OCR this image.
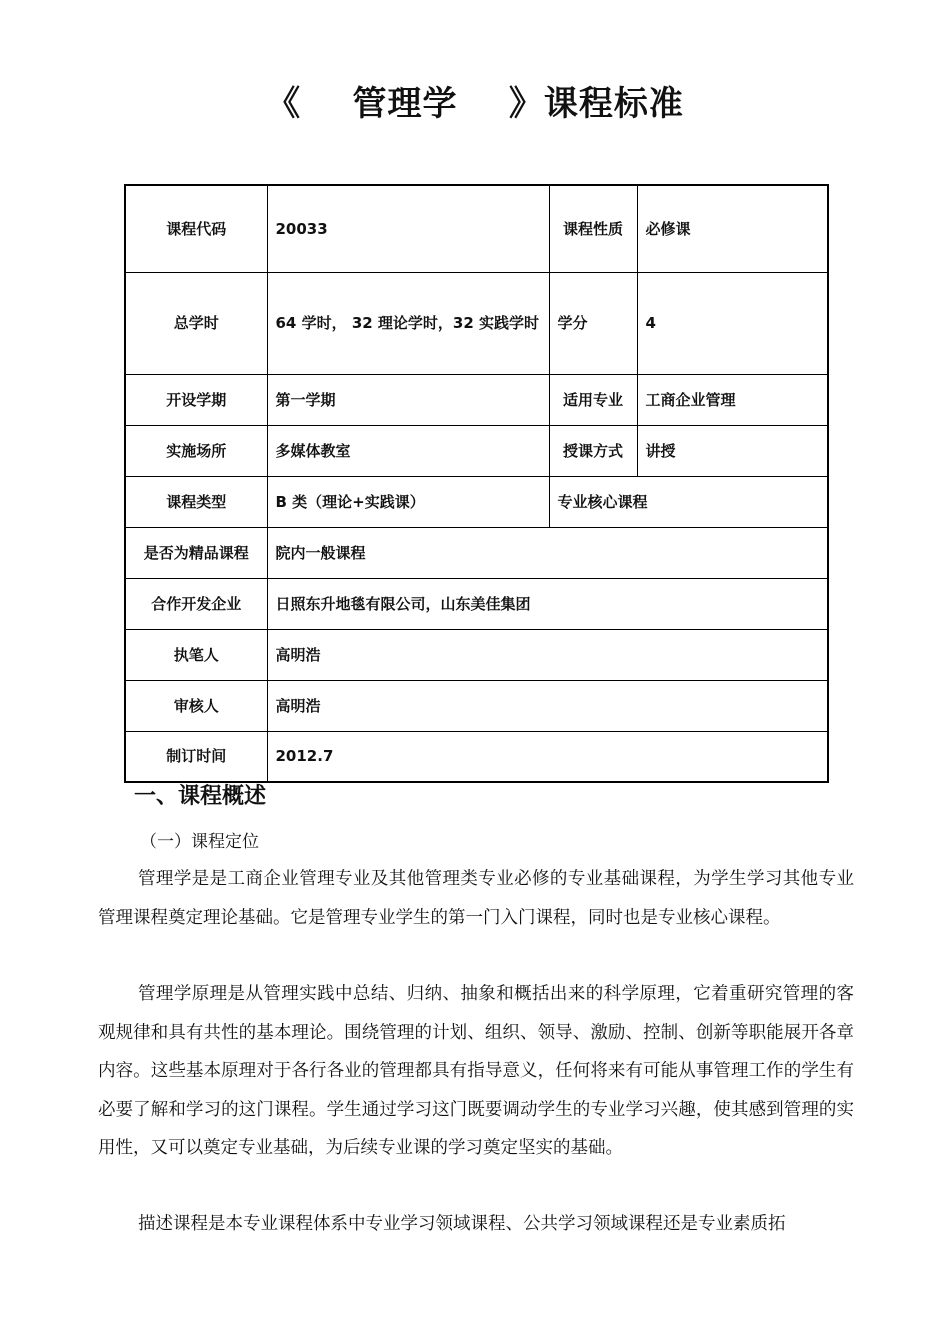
《 管理学 》课程标准
课程代码	20033	课程性质	必修课
总学时	64 学时， 32 理论学时，32 实践学时	学分	4
开设学期	第一学期	适用专业	工商企业管理
实施场所	多媒体教室	授课方式	讲授
课程类型	B 类（理论+实践课）	专业核心课程	
是否为精品课程	院内一般课程		
合作开发企业	日照东升地毯有限公司，山东美佳集团		
执笔人	高明浩		
审核人	高明浩		
制订时间	2012.7		
一、课程概述
（一）课程定位
管理学是是工商企业管理专业及其他管理类专业必修的专业基础课程，为学生学习其他专业管理课程奠定理论基础。它是管理专业学生的第一门入门课程，同时也是专业核心课程。
管理学原理是从管理实践中总结、归纳、抽象和概括出来的科学原理，它着重研究管理的客观规律和具有共性的基本理论。围绕管理的计划、组织、领导、激励、控制、创新等职能展开各章内容。这些基本原理对于各行各业的管理都具有指导意义，任何将来有可能从事管理工作的学生有必要了解和学习的这门课程。学生通过学习这门既要调动学生的专业学习兴趣，使其感到管理的实用性，又可以奠定专业基础，为后续专业课的学习奠定坚实的基础。
描述课程是本专业课程体系中专业学习领域课程、公共学习领域课程还是专业素质拓
